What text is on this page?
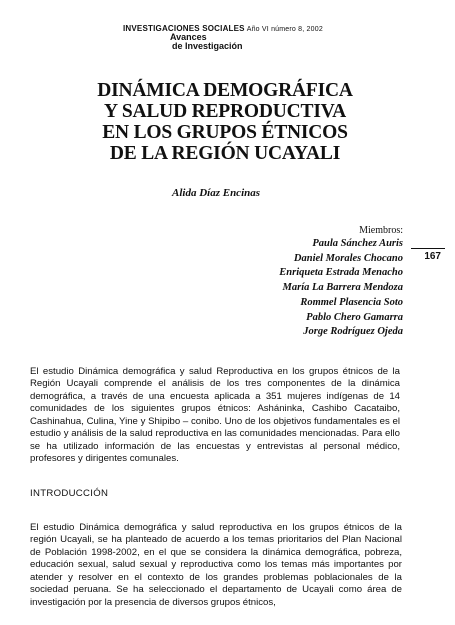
INVESTIGACIONES SOCIALES Año VI número 8, 2002
Avances
de Investigación
DINÁMICA DEMOGRÁFICA
Y SALUD REPRODUCTIVA
EN LOS GRUPOS ÉTNICOS
DE LA REGIÓN UCAYALI
Alida Díaz Encinas
Miembros:
Paula Sánchez Auris
Daniel Morales Chocano
Enriqueta Estrada Menacho
María La Barrera Mendoza
Rommel Plasencia Soto
Pablo Chero Gamarra
Jorge Rodríguez Ojeda
167

El estudio Dinámica demográfica y salud Reproductiva en los grupos étnicos de la Región Ucayali comprende el análisis de los tres componentes de la dinámica demográfica, a través de una encuesta aplicada a 351 mujeres indígenas de 14 comunidades de los siguientes grupos étnicos: Asháninka, Cashibo Cacataibo, Cashinahua, Culina, Yine y Shipibo – conibo. Uno de los objetivos fundamentales es el estudio y análisis de la salud reproductiva en las comunidades mencionadas. Para ello se ha utilizado información de las encuestas y entrevistas al personal médico, profesores y dirigentes comunales.

INTRODUCCIÓN

El estudio Dinámica demográfica y salud reproductiva en los grupos étnicos de la región Ucayali, se ha planteado de acuerdo a los temas prioritarios del Plan Nacional de Población 1998-2002, en el que se considera la dinámica demográfica, pobreza, educación sexual, salud sexual y reproductiva como los temas más importantes por atender y resolver en el contexto de los grandes problemas poblacionales de la sociedad peruana. Se ha seleccionado el departamento de Ucayali como área de investigación por la presencia de diversos grupos étnicos,
